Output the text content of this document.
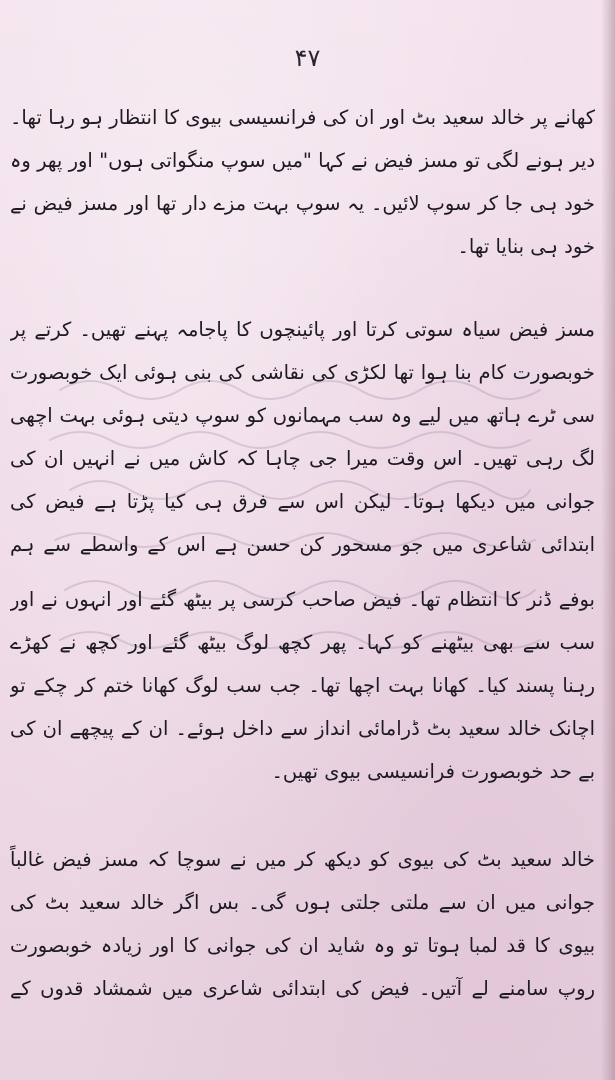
۴۷

کھانے پر خالد سعید بٹ اور ان کی فرانسیسی بیوی کا انتظار ہو رہا تھا۔ دیر ہونے لگی تو مسز فیض نے کہا "میں سوپ منگواتی ہوں" اور پھر وہ خود ہی جا کر سوپ لائیں۔ یہ سوپ بہت مزے دار تھا اور مسز فیض نے خود ہی بنایا تھا۔

مسز فیض سیاہ سوتی کرتا اور پائینچوں کا پاجامہ پہنے تھیں۔ کرتے پر خوبصورت کام بنا ہوا تھا لکڑی کی نقاشی کی بنی ہوئی ایک خوبصورت سی ٹرے ہاتھ میں لیے وہ سب مہمانوں کو سوپ دیتی ہوئی بہت اچھی لگ رہی تھیں۔ اس وقت میرا جی چاہا کہ کاش میں نے انہیں ان کی جوانی میں دیکھا ہوتا۔ لیکن اس سے فرق ہی کیا پڑتا ہے فیض کی ابتدائی شاعری میں جو مسحور کن حسن ہے اس کے واسطے سے ہم

بوفے ڈنر کا انتظام تھا۔ فیض صاحب کرسی پر بیٹھ گئے اور انہوں نے اور سب سے بھی بیٹھنے کو کہا۔ پھر کچھ لوگ بیٹھ گئے اور کچھ نے کھڑے رہنا پسند کیا۔ کھانا بہت اچھا تھا۔ جب سب لوگ کھانا ختم کر چکے تو اچانک خالد سعید بٹ ڈرامائی انداز سے داخل ہوئے۔ ان کے پیچھے ان کی بے حد خوبصورت فرانسیسی بیوی تھیں۔

خالد سعید بٹ کی بیوی کو دیکھ کر میں نے سوچا کہ مسز فیض غالباً جوانی میں ان سے ملتی جلتی ہوں گی۔ بس اگر خالد سعید بٹ کی بیوی کا قد لمبا ہوتا تو وہ شاید ان کی جوانی کا اور زیادہ خوبصورت روپ سامنے لے آتیں۔ فیض کی ابتدائی شاعری میں شمشاد قدوں کے
